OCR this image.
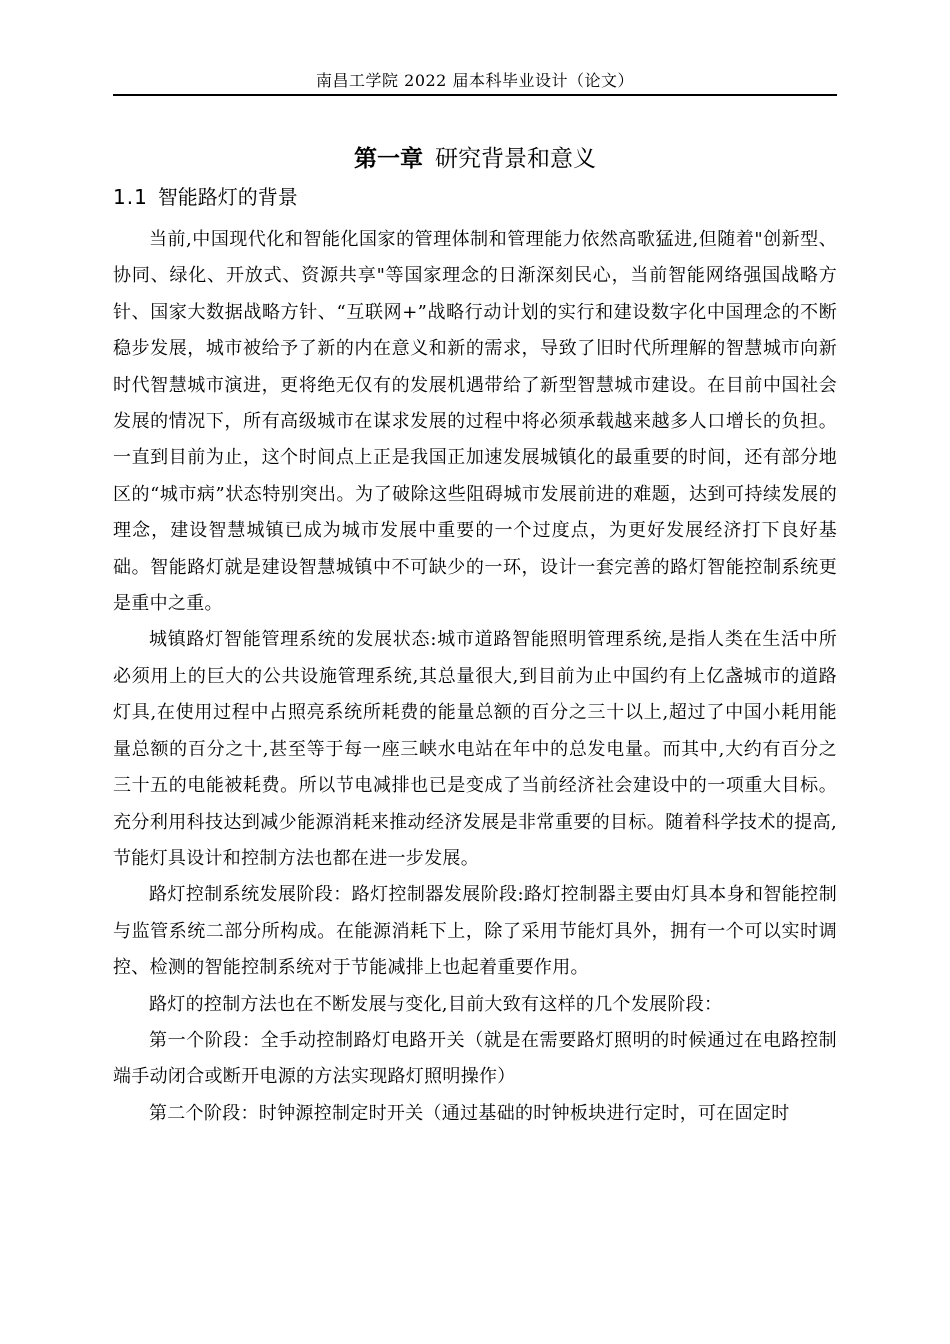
南昌工学院 2022 届本科毕业设计（论文）
第一章 研究背景和意义
1.1 智能路灯的背景

当前,中国现代化和智能化国家的管理体制和管理能力依然高歌猛进,但随着"创新型、协同、绿化、开放式、资源共享"等国家理念的日渐深刻民心，当前智能网络强国战略方针、国家大数据战略方针、“互联网+”战略行动计划的实行和建设数字化中国理念的不断稳步发展，城市被给予了新的内在意义和新的需求，导致了旧时代所理解的智慧城市向新时代智慧城市演进，更将绝无仅有的发展机遇带给了新型智慧城市建设。在目前中国社会发展的情况下，所有高级城市在谋求发展的过程中将必须承载越来越多人口增长的负担。一直到目前为止，这个时间点上正是我国正加速发展城镇化的最重要的时间，还有部分地区的“城市病”状态特别突出。为了破除这些阻碍城市发展前进的难题，达到可持续发展的理念，建设智慧城镇已成为城市发展中重要的一个过度点，为更好发展经济打下良好基础。智能路灯就是建设智慧城镇中不可缺少的一环，设计一套完善的路灯智能控制系统更是重中之重。

城镇路灯智能管理系统的发展状态:城市道路智能照明管理系统,是指人类在生活中所必须用上的巨大的公共设施管理系统,其总量很大,到目前为止中国约有上亿盏城市的道路灯具,在使用过程中占照亮系统所耗费的能量总额的百分之三十以上,超过了中国小耗用能量总额的百分之十,甚至等于每一座三峡水电站在年中的总发电量。而其中,大约有百分之三十五的电能被耗费。所以节电减排也已是变成了当前经济社会建设中的一项重大目标。充分利用科技达到减少能源消耗来推动经济发展是非常重要的目标。随着科学技术的提高,节能灯具设计和控制方法也都在进一步发展。

路灯控制系统发展阶段：路灯控制器发展阶段:路灯控制器主要由灯具本身和智能控制与监管系统二部分所构成。在能源消耗下上，除了采用节能灯具外，拥有一个可以实时调控、检测的智能控制系统对于节能减排上也起着重要作用。

路灯的控制方法也在不断发展与变化,目前大致有这样的几个发展阶段：

第一个阶段：全手动控制路灯电路开关（就是在需要路灯照明的时候通过在电路控制端手动闭合或断开电源的方法实现路灯照明操作）

第二个阶段：时钟源控制定时开关（通过基础的时钟板块进行定时，可在固定时
